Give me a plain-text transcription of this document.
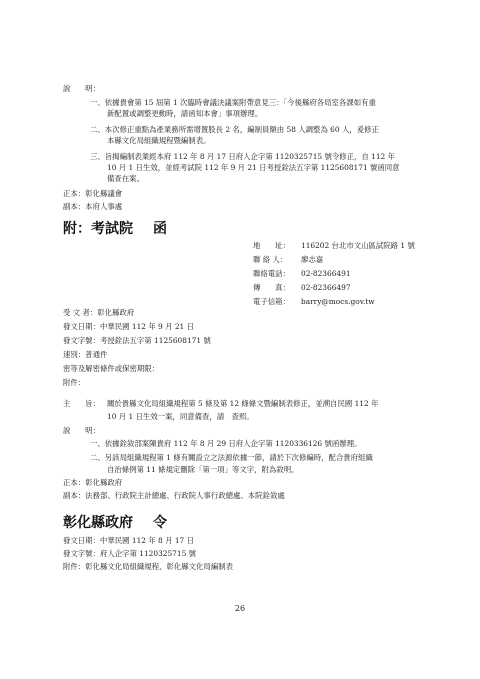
說　　明：
一、依據貴會第 15 屆第 1 次臨時會議決議案附帶意見三：「今後縣府各局室各課如有重
新配置或調整更動時，請函知本會」事項辦理。
二、本次修正重點為產業務所需增置股長 2 名，編制員額由 58 人調整為 60 人，爰修正
本縣文化局組織規程暨編制表。
三、旨揭編制表業經本府 112 年 8 月 17 日府人企字第 1120325715 號令修正，自 112 年
10 月 1 日生效，並經考試院 112 年 9 月 21 日考授銓法五字第 1125608171 號函同意
備查在案。
正本：彰化縣議會
副本：本府人事處
附：考試院 函
地　　址： 116202 台北市文山區試院路 1 號
聯 絡 人： 廖志嘉
聯絡電話： 02-82366491
傳　　真： 02-82366497
電子信箱： barry@mocs.gov.tw
受 文 者：彰化縣政府
發文日期：中華民國 112 年 9 月 21 日
發文字號：考授銓法五字第 1125608171 號
速別：普通件
密等及解密條件或保密期限：
附件：
主　　旨： 關於貴縣文化局組織規程第 5 條及第 12 條條文暨編制表修正，並溯自民國 112 年
10 月 1 日生效一案，同意備查，請　查照。
說　　明：
一、依據銓敘部案陳貴府 112 年 8 月 29 日府人企字第 1120336126 號函辦理。
二、另該局組織規程第 1 條有關設立之法源依據一節，請於下次修編時，配合貴府組織
自治條例第 11 條規定刪除「第一項」等文字，附為敘明。
正本：彰化縣政府
副本：法務部、行政院主計總處、行政院人事行政總處、本院銓敘處
彰化縣政府 令
發文日期：中華民國 112 年 8 月 17 日
發文字號：府人企字第 1120325715 號
附件：彰化縣文化局組織規程、彰化縣文化局編制表
26
